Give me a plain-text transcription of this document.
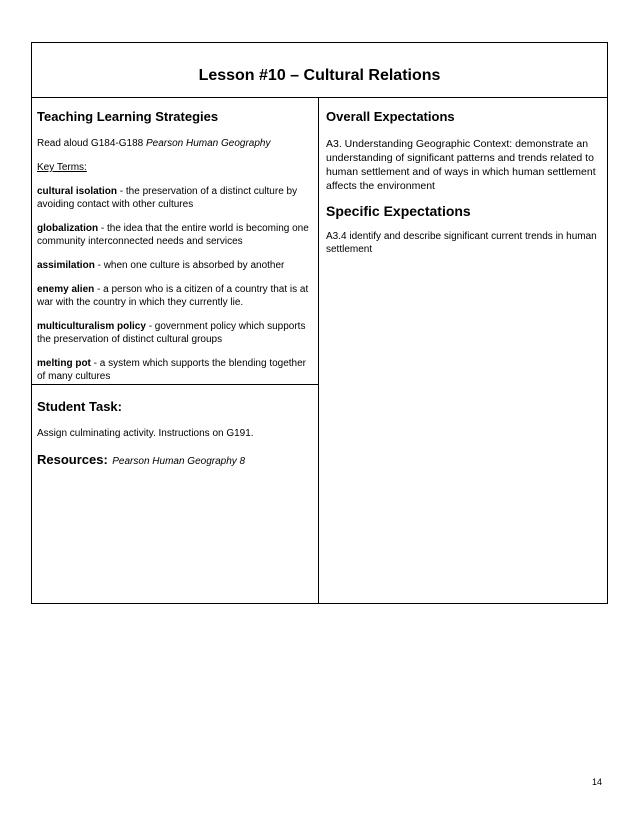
Lesson #10 – Cultural Relations
Teaching Learning Strategies
Read aloud G184-G188 Pearson Human Geography
Key Terms:
cultural isolation - the preservation of a distinct culture by avoiding contact with other cultures
globalization - the idea that the entire world is becoming one community interconnected needs and services
assimilation - when one culture is absorbed by another
enemy alien - a person who is a citizen of a country that is at war with the country in which they currently lie.
multiculturalism policy - government policy which supports the preservation of distinct cultural groups
melting pot - a system which supports the blending together of many cultures
Overall Expectations
A3. Understanding Geographic Context: demonstrate an understanding of significant patterns and trends related to human settlement and of ways in which human settlement affects the environment
Specific Expectations
A3.4 identify and describe significant current trends in human settlement
Student Task:
Assign culminating activity. Instructions on G191.
Resources: Pearson Human Geography 8
14
